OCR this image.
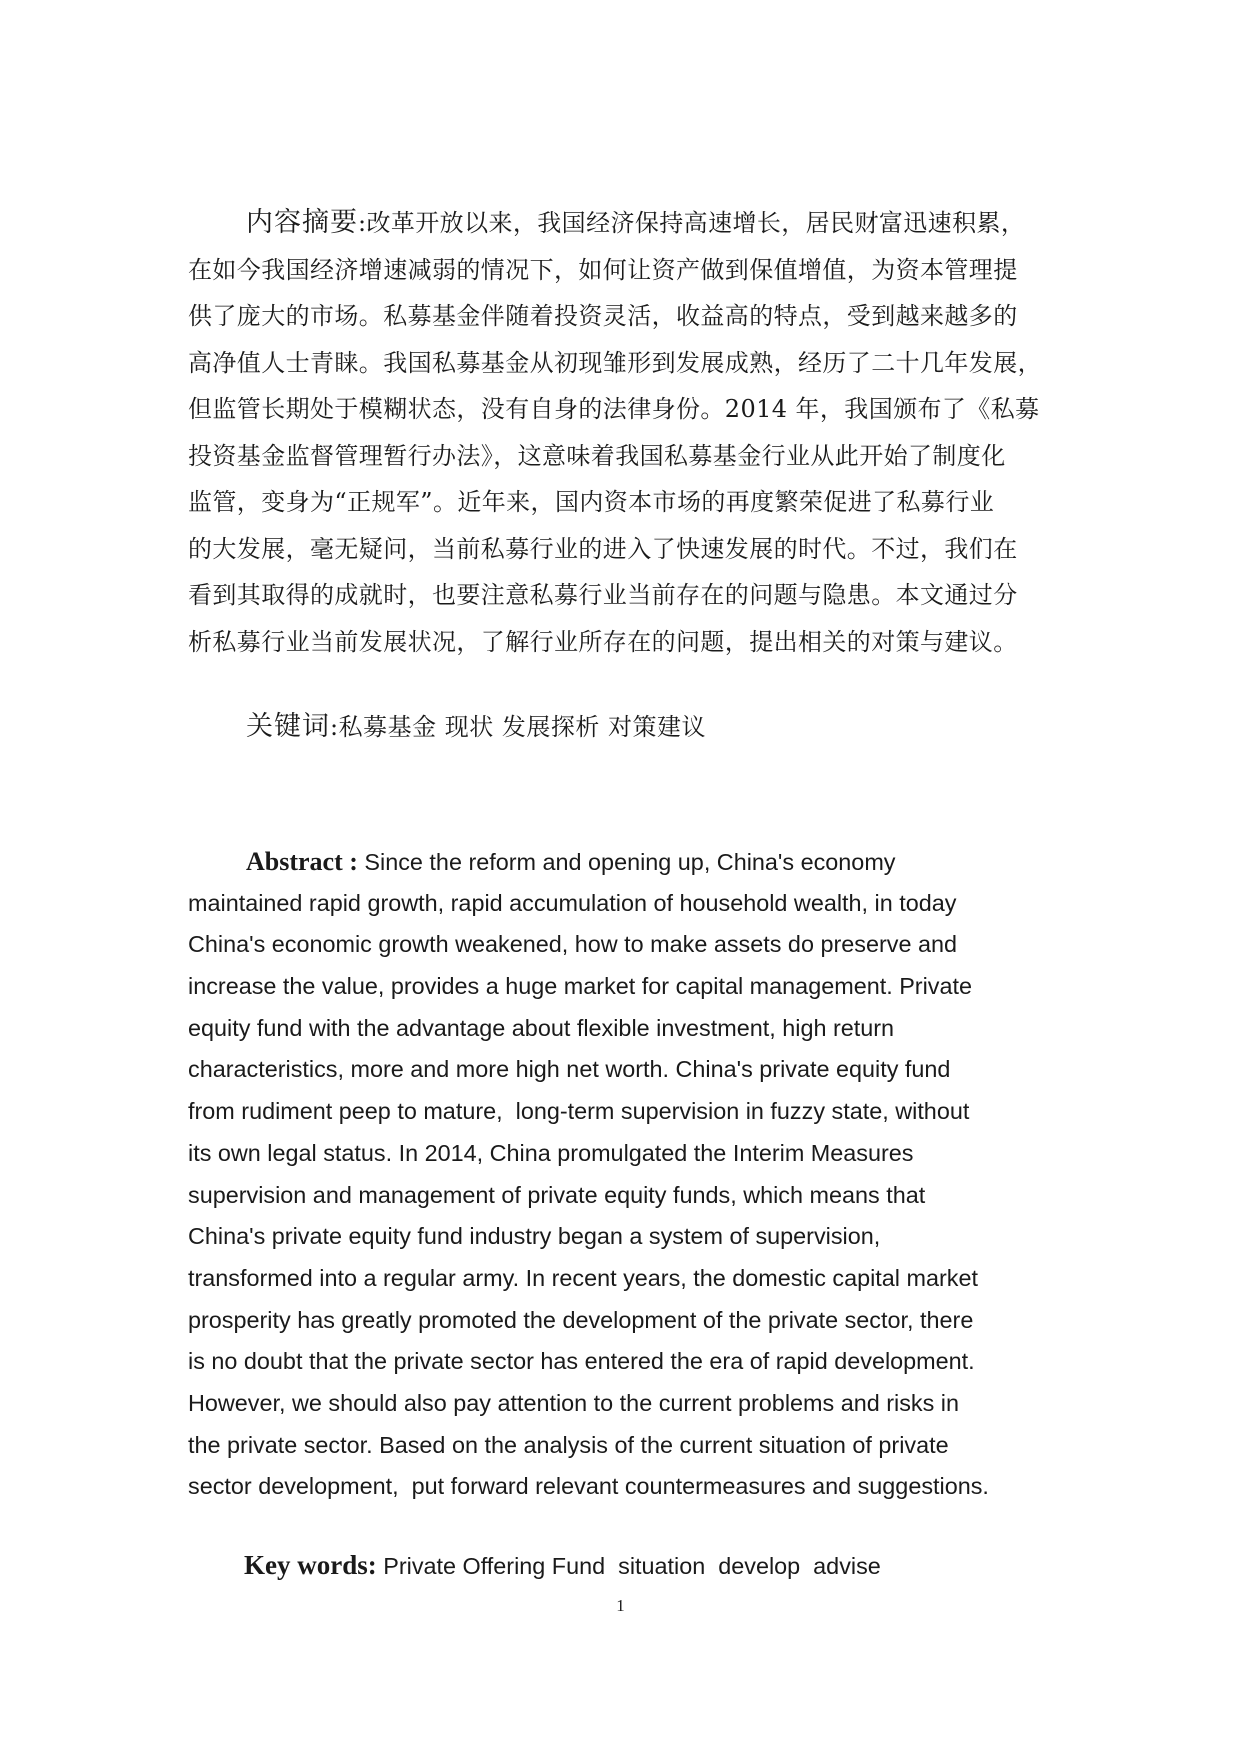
内容摘要:改革开放以来，我国经济保持高速增长，居民财富迅速积累，
在如今我国经济增速减弱的情况下，如何让资产做到保值增值，为资本管理提
供了庞大的市场。私募基金伴随着投资灵活，收益高的特点，受到越来越多的
高净值人士青睐。我国私募基金从初现雏形到发展成熟，经历了二十几年发展，
但监管长期处于模糊状态，没有自身的法律身份。2014 年，我国颁布了《私募
投资基金监督管理暂行办法》，这意味着我国私募基金行业从此开始了制度化
监管，变身为“正规军”。近年来，国内资本市场的再度繁荣促进了私募行业
的大发展，毫无疑问，当前私募行业的进入了快速发展的时代。不过，我们在
看到其取得的成就时，也要注意私募行业当前存在的问题与隐患。本文通过分
析私募行业当前发展状况，了解行业所存在的问题，提出相关的对策与建议。
关键词:私募基金 现状 发展探析 对策建议
Abstract : Since the reform and opening up, China's economy
maintained rapid growth, rapid accumulation of household wealth, in today
China's economic growth weakened, how to make assets do preserve and
increase the value, provides a huge market for capital management. Private
equity fund with the advantage about flexible investment, high return
characteristics, more and more high net worth. China's private equity fund
from rudiment peep to mature,  long-term supervision in fuzzy state, without
its own legal status. In 2014, China promulgated the Interim Measures
supervision and management of private equity funds, which means that
China's private equity fund industry began a system of supervision,
transformed into a regular army. In recent years, the domestic capital market
prosperity has greatly promoted the development of the private sector, there
is no doubt that the private sector has entered the era of rapid development.
However, we should also pay attention to the current problems and risks in
the private sector. Based on the analysis of the current situation of private
sector development,  put forward relevant countermeasures and suggestions.
Key words: Private Offering Fund  situation  develop  advise
1
